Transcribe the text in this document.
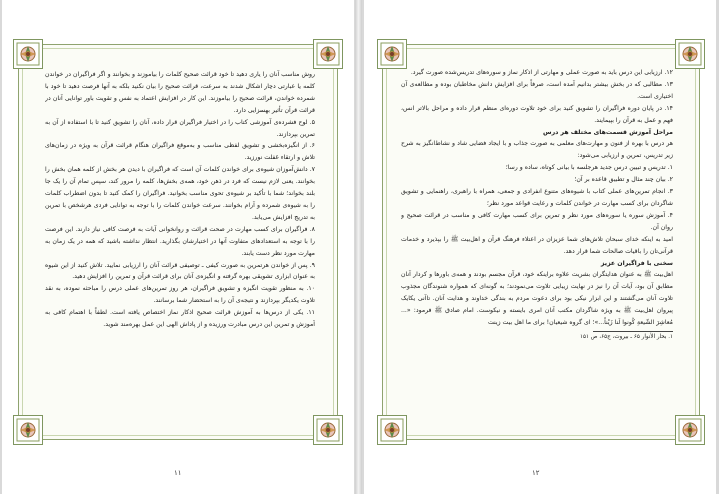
روش مناسب آنان را یاری دهید تا خود قرائت صحیح کلمات را بیاموزند و بخوانند و اگر فراگیران در خواندن کلمه یا عبارتی دچار اشکال شدند به سرعت، قرائت صحیح را بیان نکنید بلکه به آنها فرصت دهید تا خود با شمرده خواندن، قرائت صحیح را بیاموزند. این کار در افزایش اعتماد به نفس و تقویت باور توانایی آنان در قرائت قرآن تأثیر بهسزایی دارد.

۵. لوح فشرده‌ی آموزشی کتاب را در اختیار فراگیران قرار داده، آنان را تشویق کنید تا با استفاده از آن به تمرین بپردازند.

۶. از انگیزه‌بخشی و تشویق لفظی مناسب و به‌موقع فراگیران هنگام قرائت قرآن به ویژه در زمان‌های تلاش و ارتقاء غفلت نورزید.

۷. دانش‌آموزان شیوه‌ی برای خواندن کلمات آن است که فراگیران با دیدن هر بخش از کلمه همان بخش را بخوانند. یعنی لازم نیست که فرد در ذهن خود، همه‌ی بخش‌ها، کلمه را مرور کند، سپس تمام آن را یک جا بلند بخواند؛ شما با تأکید بر شیوه‌ی تحوی مناسب بخوانید. فراگیران را کمک کنید تا بدون اضطراب کلمات را به شیوه‌ی شمرده و آرام بخوانند. سرعت خواندن کلمات را با توجه به توانایی فردی هرشخص با تمرین به تدریج افزایش می‌یابد.

۸. فراگیران برای کسب مهارت در صحت قرائت و روانخوانی آیات به فرصت کافی نیاز دارند. این فرصت را با توجه به استعدادهای متفاوت آنها در اختیارشان بگذارید. انتظار نداشته باشید که همه در یک زمان به مهارت مورد نظر دست یابند.

۹. پس از خواندن هرتمرین به صورت کیفی ـ توصیفی قرائت آنان را ارزیابی نمایید. تلاش کنید از این شیوه به عنوان ابزاری تشویقی بهره گرفته و انگیزه‌ی آنان برای قرائت قرآن و تمرین را افزایش دهید.

۱۰. به منظور تقویت انگیزه و تشویق فراگیران، هر روز تمرین‌های عملی درس را مباحثه نموده، به نقد تلاوت یکدیگر بپردازند و نتیجه‌ی آن را به استحضار شما برسانند.

۱۱. یکی از درس‌ها به آموزش قرائت صحیح اذکار نماز اختصاص یافته است. لطفاً با اهتمام کافی به آموزش و تمرین این درس مبادرت ورزیده و از پاداش الهی این عمل بهره‌مند شوید.

۱۱

۱۲. ارزیابی این درس باید به صورت عملی و مهارتی از اذکار نماز و سوره‌های تدریس‌شده صورت گیرد.

۱۳. مطالبی که در بخش بیشتر بدانیم آمده است، صرفاً برای افزایش دانش مخاطبان بوده و مطالعه‌ی آن اختیاری است.

۱۴. در پایان دوره فراگیران را تشویق کنید برای خود تلاوت دوره‌ای منظم قرار داده و مراحل بالاتر انس، فهم و عمل به قرآن را بپیمایند.

مراحل آموزش قسمت‌های مختلف هر درس

هر درس با بهره از فنون و مهارت‌های معلمی به صورت جذاب و با ایجاد فضایی شاد و نشاط‌انگیز به شرح زیر تدریس، تمرین و ارزیابی می‌شود:

۱. تدریس و تبیین درس جدید هرجلسه با بیانی کوتاه، ساده و رسا؛

۲. بیان چند مثال و تطبیق قاعده بر آن؛

۳. انجام تمرین‌های عملی کتاب با شیوه‌های متنوع انفرادی و جمعی، همراه با راهبری، راهنمایی و تشویق شاگردان برای کسب مهارت در خواندن کلمات و رعایت قواعد مورد نظر؛

۴. آموزش سوره یا سوره‌های مورد نظر و تمرین برای کسب مهارت کافی و مناسب در قرائت صحیح و روان آن.

امید به اینکه خدای سبحان تلاش‌های شما عزیزان در اعتلاء فرهنگ قرآن و اهل‌بیت ﷺ را بپذیرد و خدمات قرآنی‌تان را باقیات صالحات شما قرار دهد.

سخنی با فراگیران عزیز

اهل‌بیت ﷺ به عنوان هدایتگران بشریت علاوه براینکه خود، قرآن مجسم بودند و همه‌ی باورها و کردار آنان مطابق آن بود، آیات آن را نیز در نهایت زیبایی تلاوت می‌نمودند؛ به گونه‌ای که همواره شنوندگان مجذوب تلاوت آنان می‌گشتند و این ابزار نیکی بود برای دعوت مردم به بندگی خداوند و هدایت آنان. تاآنی یکایک پیروان اهل‌بیت ﷺ به ویژه شاگردان مکتب آنان امری بایسته و نیکوست. امام صادق ﷺ فرمود: «... مُعاشِرَ الشّیعةِ کُونوا لَنا زَیْناً...»؛ ای گروه شیعیان! برای ما اهل بیت زینت

۱. بحار الأنوار ۶۵ ـ بیروت، ج۶۵، ص ۱۵۱

۱۲
